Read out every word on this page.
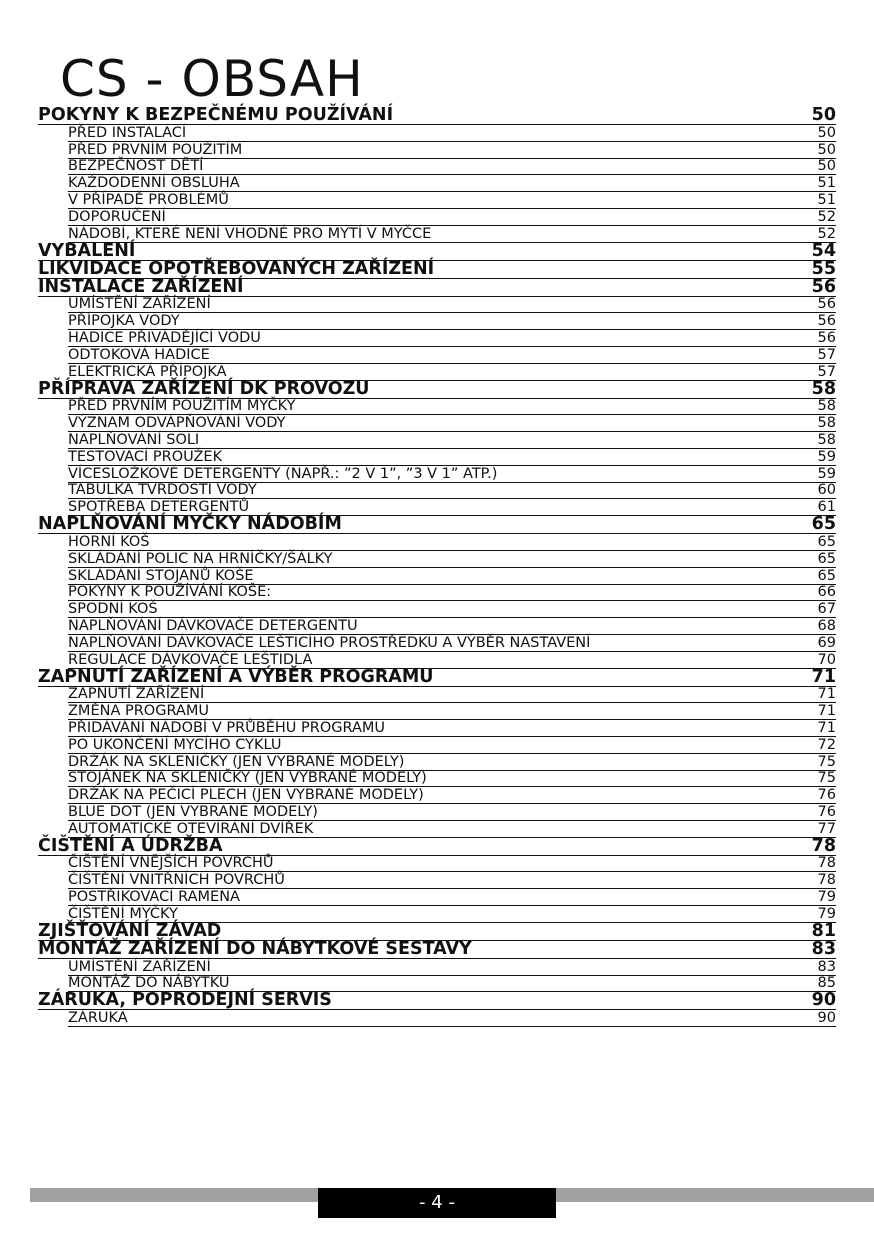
CS - OBSAH
POKYNY K BEZPEČNÉMU POUŽÍVÁNÍ	50
PŘED INSTALACÍ	50
PŘED PRVNÍM POUŽITÍM	50
BEZPEČNOST DĚTÍ	50
KAŽDODENNÍ OBSLUHA	51
V PŘÍPADĚ PROBLÉMŮ	51
DOPORUČENÍ	52
NÁDOBÍ, KTERÉ NENÍ VHODNÉ PRO MYTÍ V MYČCE	52
VYBALENÍ	54
LIKVIDACE OPOTŘEBOVANÝCH ZAŘÍZENÍ	55
INSTALACE ZAŘÍZENÍ	56
UMÍSTĚNÍ ZAŘÍZENÍ	56
PŘÍPOJKA VODY	56
HADICE PŘIVÁDĚJÍCÍ VODU	56
ODTOKOVÁ HADICE	57
ELEKTRICKÁ PŘÍPOJKA	57
PŘÍPRAVA ZAŘÍZENÍ DK PROVOZU	58
PŘED PRVNÍM POUŽITÍM MYČKY	58
VÝZNAM ODVÁPŇOVÁNÍ VODY	58
NAPLŇOVÁNÍ SOLI	58
TESTOVACÍ PROUŽEK	59
VÍCESLOŽKOVÉ DETERGENTY (NAPŘ.: ”2 V 1”, ”3 V 1” ATP.)	59
TABULKA TVRDOSTI VODY	60
SPOTŘEBA DETERGENTŮ	61
NAPLŇOVÁNÍ MYČKY NÁDOBÍM	65
HORNÍ KOŠ	65
SKLÁDÁNÍ POLIC NA HRNÍČKY/ŠÁLKY	65
SKLÁDÁNÍ STOJANŮ KOŠE	65
POKYNY K POUŽÍVÁNÍ KOŠE:	66
SPODNÍ KOŠ	67
NAPLŇOVÁNÍ DÁVKOVAČE DETERGENTU	68
NAPLŇOVÁNÍ DÁVKOVAČE LEŠTICÍHO PROSTŘEDKU A VÝBĚR NASTAVENÍ	69
REGULACE DÁVKOVAČE LEŠTIDLA	70
ZAPNUTÍ ZAŘÍZENÍ A VÝBĚR PROGRAMU	71
ZAPNUTÍ ZAŘÍZENÍ	71
ZMĚNA PROGRAMU	71
PŘIDÁVÁNÍ NÁDOBÍ V PRŮBĚHU PROGRAMU	71
PO UKONČENÍ MYCÍHO CYKLU	72
DRŽÁK NA SKLENIČKY (JEN VYBRANÉ MODELY)	75
STOJÁNEK NA SKLENIČKY (JEN VYBRANÉ MODELY)	75
DRŽÁK NA PEČICÍ PLECH (JEN VYBRANÉ MODELY)	76
BLUE DOT (JEN VYBRANÉ MODELY)	76
AUTOMATICKÉ OTEVÍRÁNÍ DVÍŘEK	77
ČIŠTĚNÍ A ÚDRŽBA	78
ČIŠTĚNÍ VNĚJŠÍCH POVRCHŮ	78
ČIŠTĚNÍ VNITŘNÍCH POVRCHŮ	78
POSTŘIKOVACÍ RAMENA	79
ČIŠTĚNÍ MYČKY	79
ZJIŠŤOVÁNÍ ZÁVAD	81
MONTÁŽ ZAŘÍZENÍ DO NÁBYTKOVÉ SESTAVY	83
UMÍSTĚNÍ ZAŘÍZENÍ	83
MONTÁŽ DO NÁBYTKU	85
ZÁRUKA, POPRODEJNÍ SERVIS	90
ZÁRUKA	90
- 4 -
